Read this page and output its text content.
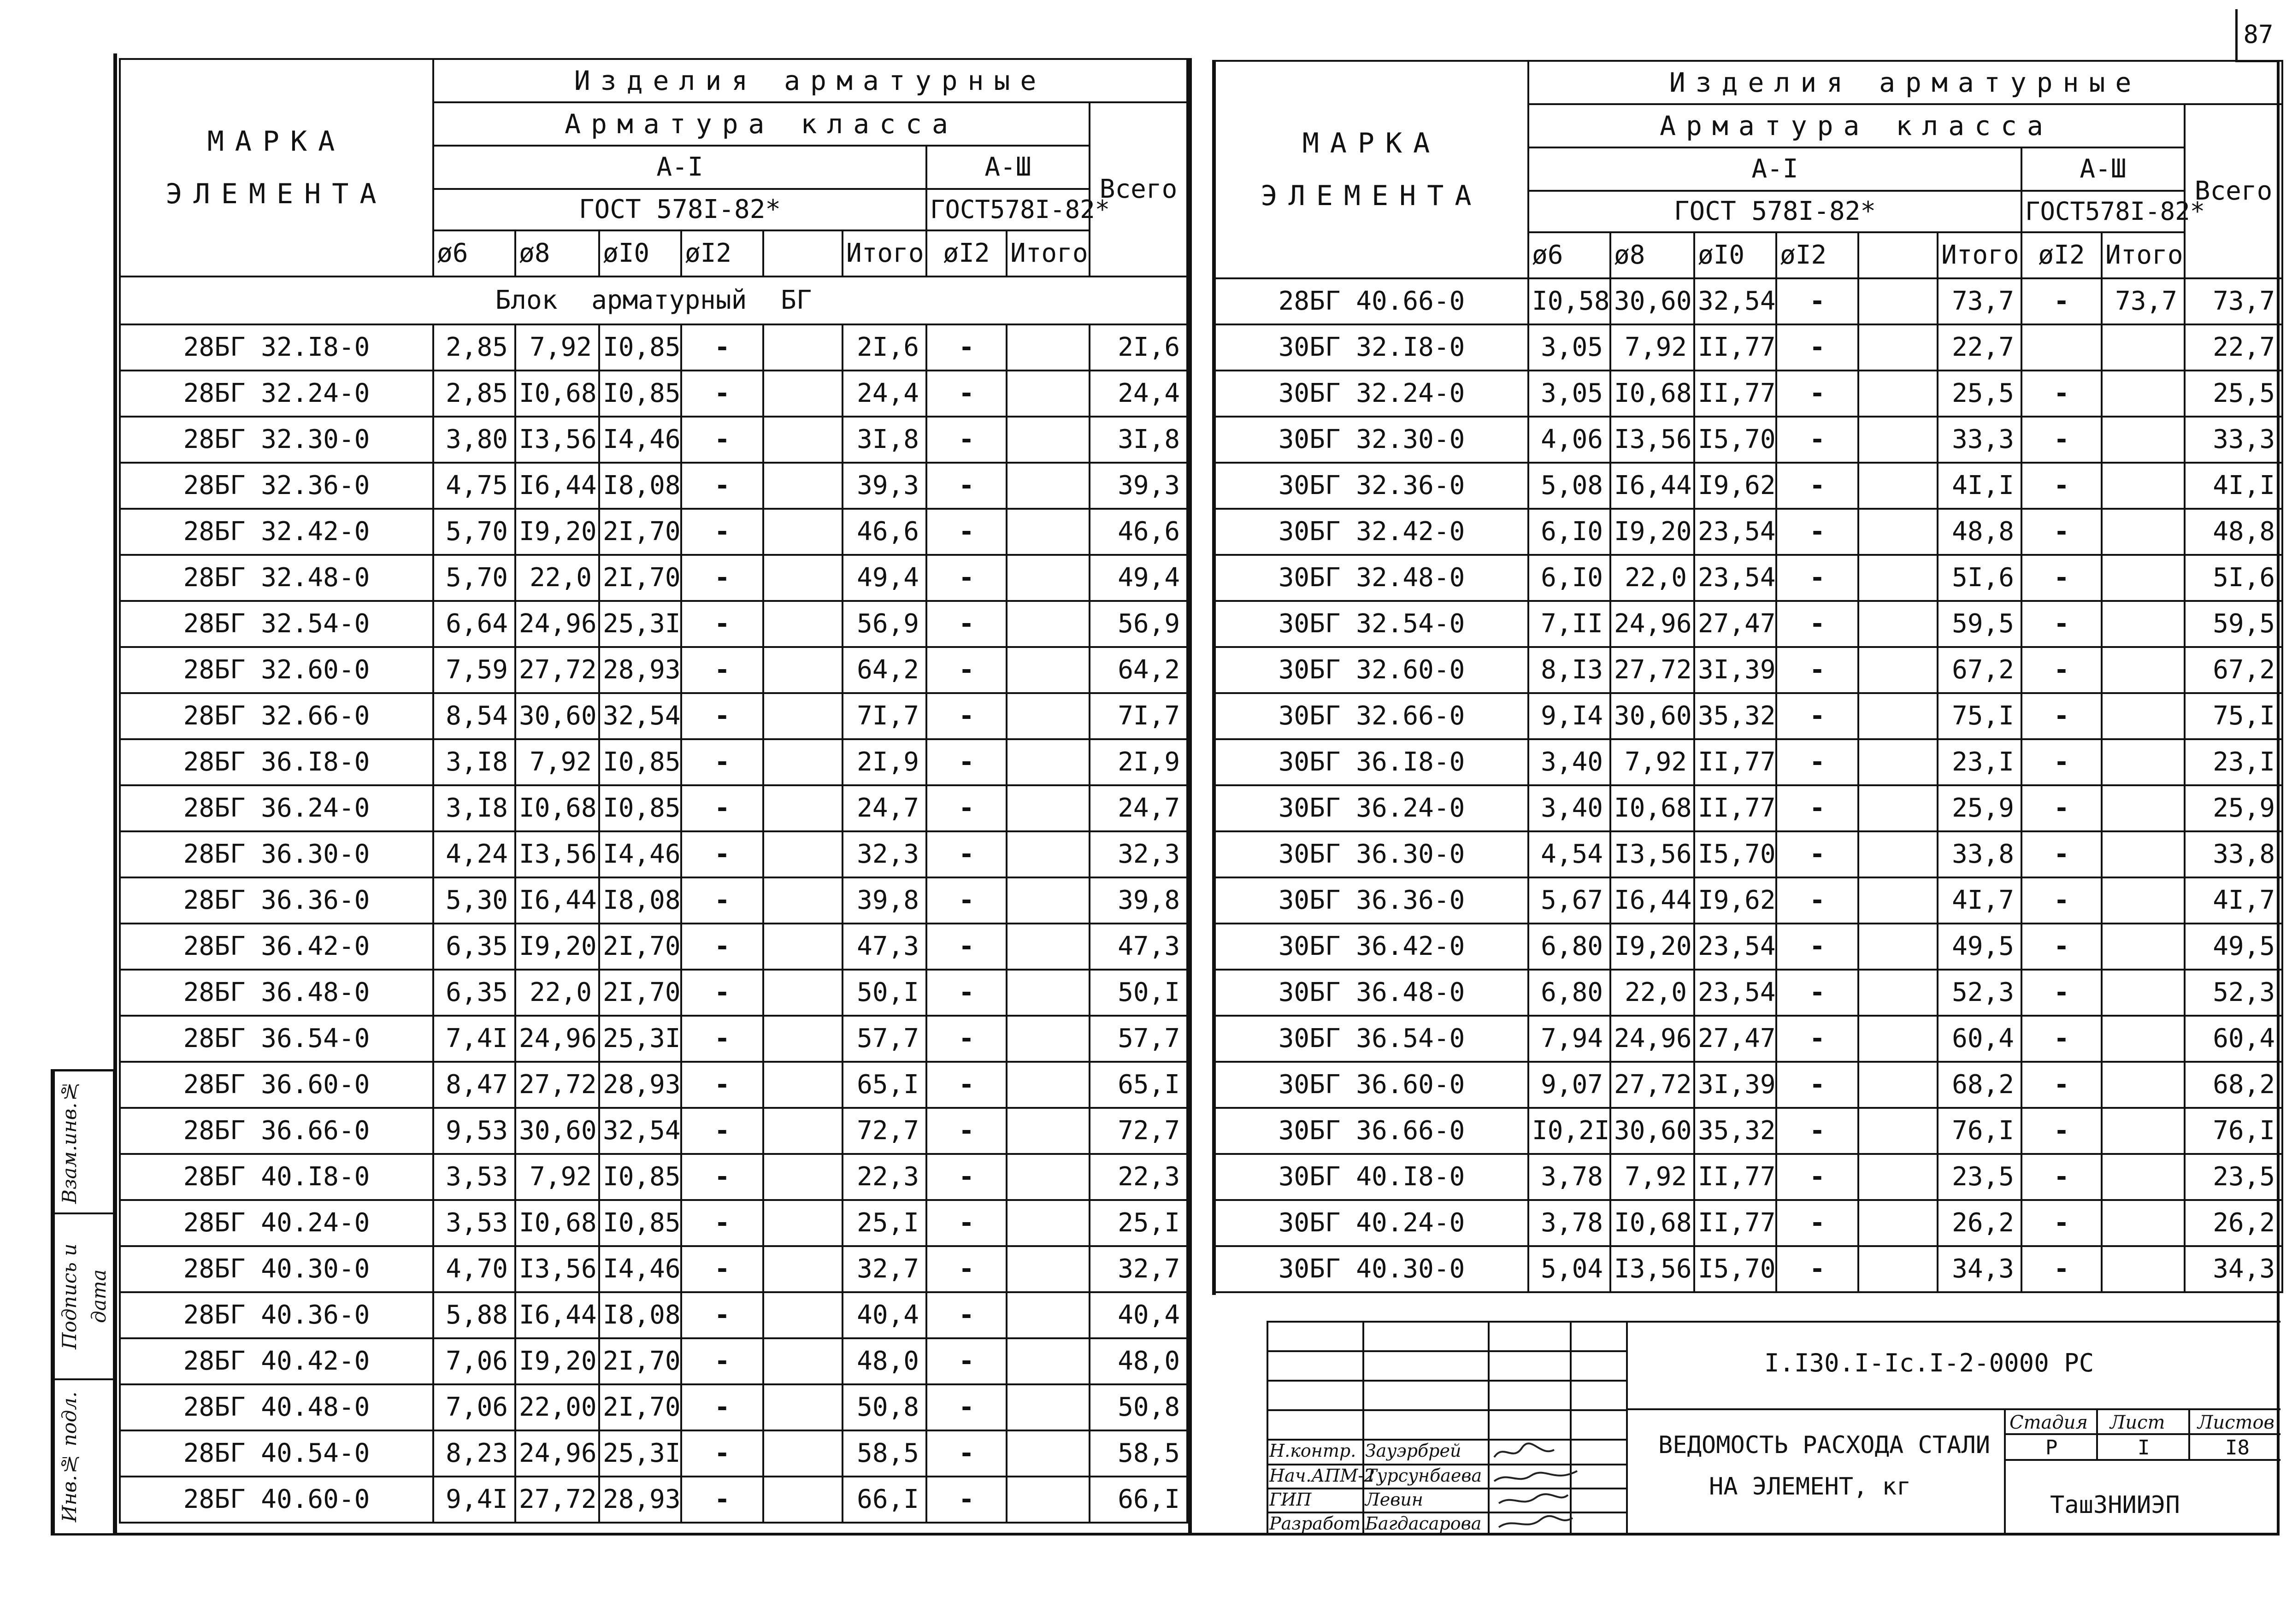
87
МАРКА
ЭЛЕМЕНТА	Изделия арматурные								
	Арматура класса								Всего
	А-I						А-Ш		
	ГОСТ 578I-82*						ГОСТ578I-82*		
	ø6	ø8	øI0	øI2		Итого	øI2	Итого	
Блок арматурный БГ									
28БГ 32.I8-0	2,85	7,92	I0,85	-		2I,6	-		2I,6
28БГ 32.24-0	2,85	I0,68	I0,85	-		24,4	-		24,4
28БГ 32.30-0	3,80	I3,56	I4,46	-		3I,8	-		3I,8
28БГ 32.36-0	4,75	I6,44	I8,08	-		39,3	-		39,3
28БГ 32.42-0	5,70	I9,20	2I,70	-		46,6	-		46,6
28БГ 32.48-0	5,70	22,0	2I,70	-		49,4	-		49,4
28БГ 32.54-0	6,64	24,96	25,3I	-		56,9	-		56,9
28БГ 32.60-0	7,59	27,72	28,93	-		64,2	-		64,2
28БГ 32.66-0	8,54	30,60	32,54	-		7I,7	-		7I,7
28БГ 36.I8-0	3,I8	7,92	I0,85	-		2I,9	-		2I,9
28БГ 36.24-0	3,I8	I0,68	I0,85	-		24,7	-		24,7
28БГ 36.30-0	4,24	I3,56	I4,46	-		32,3	-		32,3
28БГ 36.36-0	5,30	I6,44	I8,08	-		39,8	-		39,8
28БГ 36.42-0	6,35	I9,20	2I,70	-		47,3	-		47,3
28БГ 36.48-0	6,35	22,0	2I,70	-		50,I	-		50,I
28БГ 36.54-0	7,4I	24,96	25,3I	-		57,7	-		57,7
28БГ 36.60-0	8,47	27,72	28,93	-		65,I	-		65,I
28БГ 36.66-0	9,53	30,60	32,54	-		72,7	-		72,7
28БГ 40.I8-0	3,53	7,92	I0,85	-		22,3	-		22,3
28БГ 40.24-0	3,53	I0,68	I0,85	-		25,I	-		25,I
28БГ 40.30-0	4,70	I3,56	I4,46	-		32,7	-		32,7
28БГ 40.36-0	5,88	I6,44	I8,08	-		40,4	-		40,4
28БГ 40.42-0	7,06	I9,20	2I,70	-		48,0	-		48,0
28БГ 40.48-0	7,06	22,00	2I,70	-		50,8	-		50,8
28БГ 40.54-0	8,23	24,96	25,3I	-		58,5	-		58,5
28БГ 40.60-0	9,4I	27,72	28,93	-		66,I	-		66,I
МАРКА
ЭЛЕМЕНТА	Изделия арматурные								
	Арматура класса								Всего
	А-I						А-Ш		
	ГОСТ 578I-82*						ГОСТ578I-82*		
	ø6	ø8	øI0	øI2		Итого	øI2	Итого	
28БГ 40.66-0	I0,58	30,60	32,54	-		73,7	-	73,7	73,7
30БГ 32.I8-0	3,05	7,92	II,77	-		22,7			22,7
30БГ 32.24-0	3,05	I0,68	II,77	-		25,5	-		25,5
30БГ 32.30-0	4,06	I3,56	I5,70	-		33,3	-		33,3
30БГ 32.36-0	5,08	I6,44	I9,62	-		4I,I	-		4I,I
30БГ 32.42-0	6,I0	I9,20	23,54	-		48,8	-		48,8
30БГ 32.48-0	6,I0	22,0	23,54	-		5I,6	-		5I,6
30БГ 32.54-0	7,II	24,96	27,47	-		59,5	-		59,5
30БГ 32.60-0	8,I3	27,72	3I,39	-		67,2	-		67,2
30БГ 32.66-0	9,I4	30,60	35,32	-		75,I	-		75,I
30БГ 36.I8-0	3,40	7,92	II,77	-		23,I	-		23,I
30БГ 36.24-0	3,40	I0,68	II,77	-		25,9	-		25,9
30БГ 36.30-0	4,54	I3,56	I5,70	-		33,8	-		33,8
30БГ 36.36-0	5,67	I6,44	I9,62	-		4I,7	-		4I,7
30БГ 36.42-0	6,80	I9,20	23,54	-		49,5	-		49,5
30БГ 36.48-0	6,80	22,0	23,54	-		52,3	-		52,3
30БГ 36.54-0	7,94	24,96	27,47	-		60,4	-		60,4
30БГ 36.60-0	9,07	27,72	3I,39	-		68,2	-		68,2
30БГ 36.66-0	I0,2I	30,60	35,32	-		76,I	-		76,I
30БГ 40.I8-0	3,78	7,92	II,77	-		23,5	-		23,5
30БГ 40.24-0	3,78	I0,68	II,77	-		26,2	-		26,2
30БГ 40.30-0	5,04	I3,56	I5,70	-		34,3	-		34,3
Взам.инв.№
Подпись и дата
Инв.№ подл.
I.I30.I-Ic.I-2-0000 PC
ВЕДОМОСТЬ РАСХОДА СТАЛИ
НА ЭЛЕМЕНТ, кг
Стадия Лист Листов
Р	I	I8
ТашЗНИИЭП
Н.контр. Зауэрбрей
Нач.АПМ-2
Турсунбаева
ГИП	Левин
Разработ.
Багдасарова
